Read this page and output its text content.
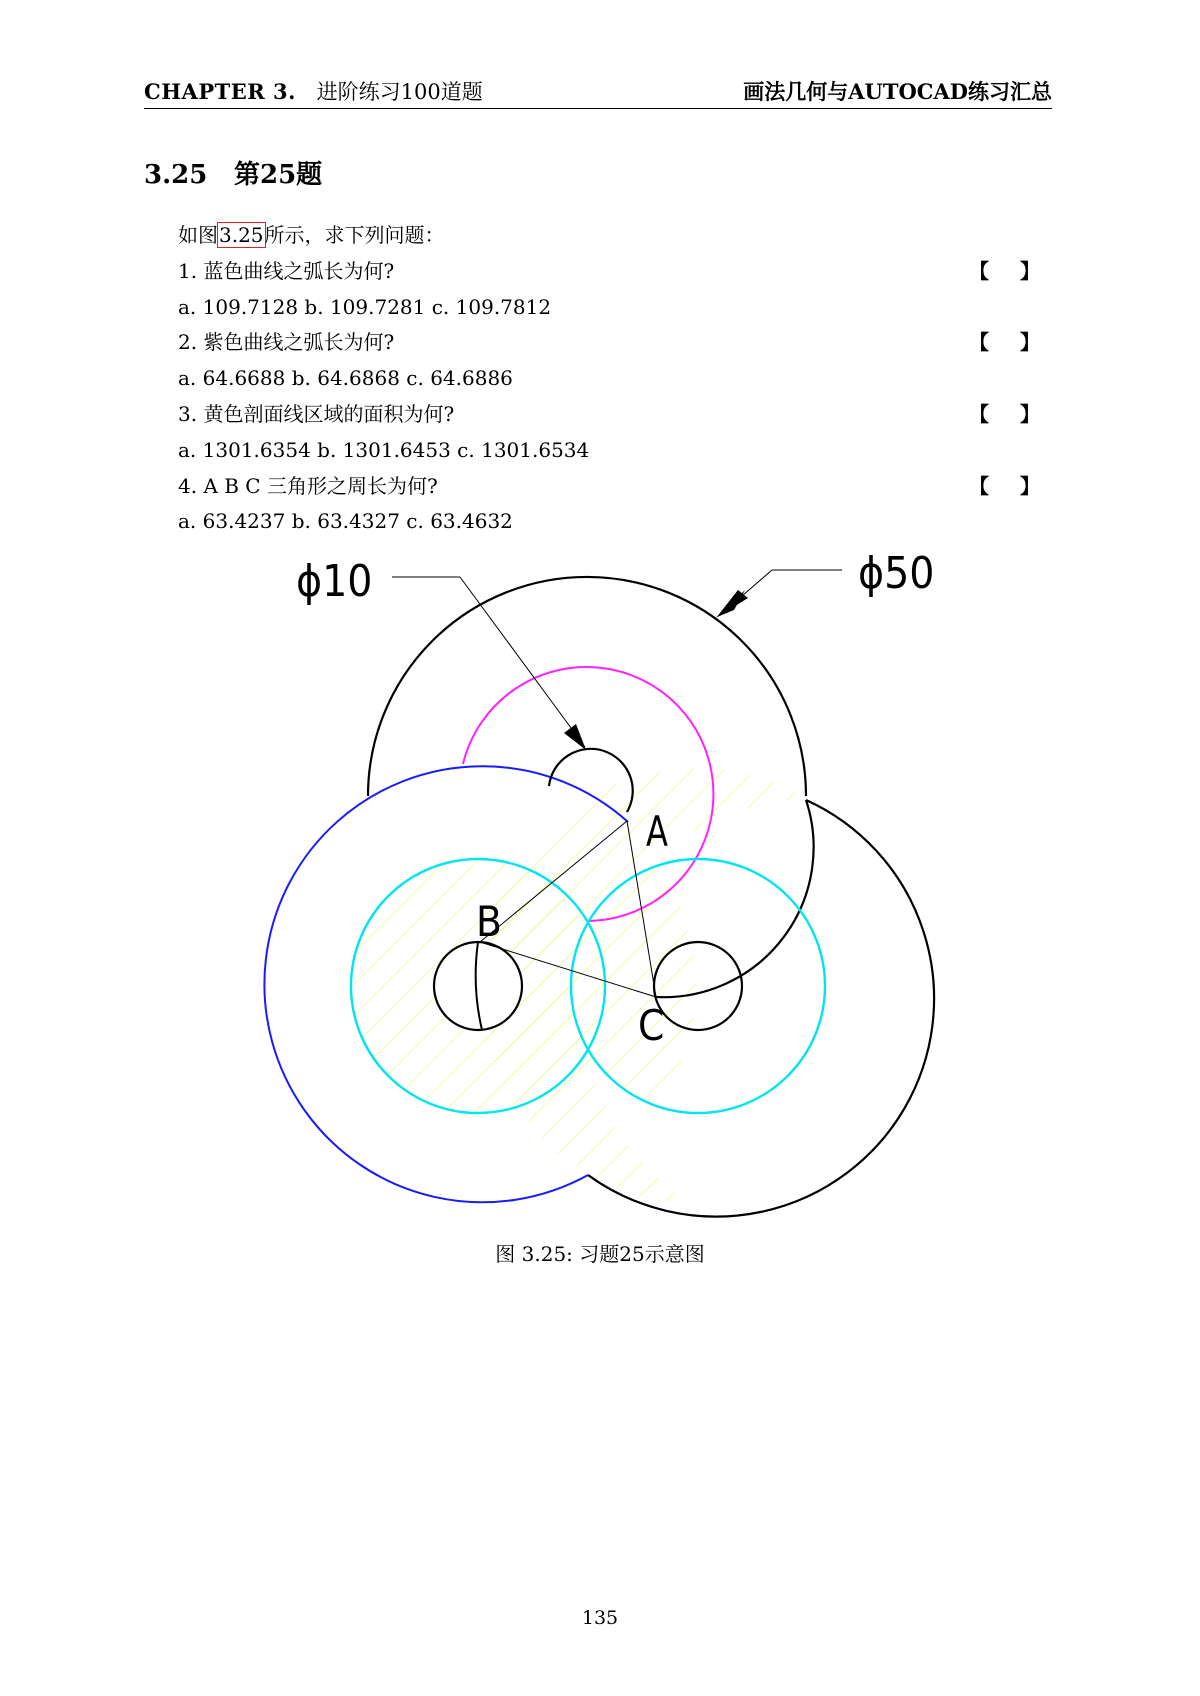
CHAPTER 3. 进阶练习100道题	画法几何与AUTOCAD练习汇总
3.25 第25题
如图3.25所示，求下列问题：
1. 蓝色曲线之弧长为何?	【 】
a. 109.7128 b. 109.7281 c. 109.7812
2. 紫色曲线之弧长为何?	【 】
a. 64.6688 b. 64.6868 c. 64.6886
3. 黄色剖面线区域的面积为何?	【 】
a. 1301.6354 b. 1301.6453 c. 1301.6534
4. A B C 三角形之周长为何?	【 】
a. 63.4237 b. 63.4327 c. 63.4632
A
B
C
ϕ10	ϕ50
图 3.25: 习题25示意图
135
